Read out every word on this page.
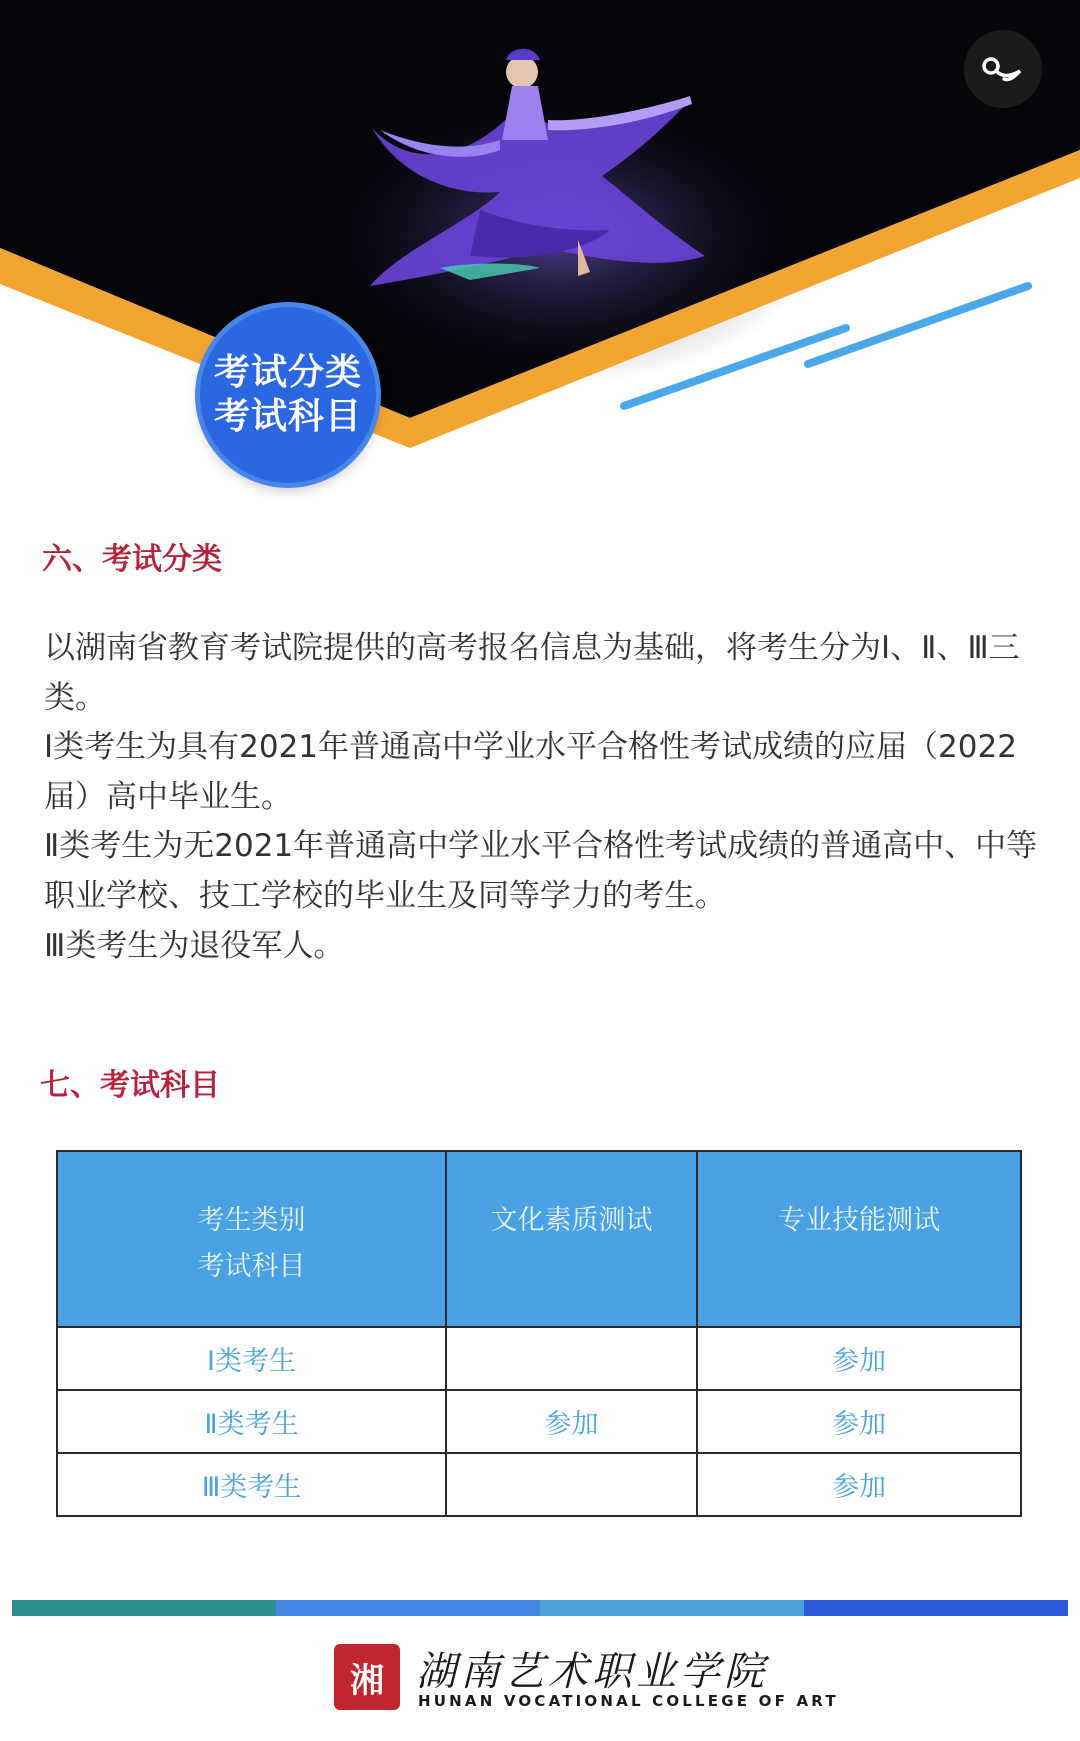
考试分类
考试科目
六、考试分类

以湖南省教育考试院提供的高考报名信息为基础，将考生分为Ⅰ、Ⅱ、Ⅲ三类。

Ⅰ类考生为具有2021年普通高中学业水平合格性考试成绩的应届（2022届）高中毕业生。

Ⅱ类考生为无2021年普通高中学业水平合格性考试成绩的普通高中、中等职业学校、技工学校的毕业生及同等学力的考生。

Ⅲ类考生为退役军人。

七、考试科目
考生类别
考试科目	文化素质测试	专业技能测试

Ⅰ类考生		参加
Ⅱ类考生	参加	参加
Ⅲ类考生		参加
湘 湖南艺术职业学院
HUNAN VOCATIONAL COLLEGE OF ART
